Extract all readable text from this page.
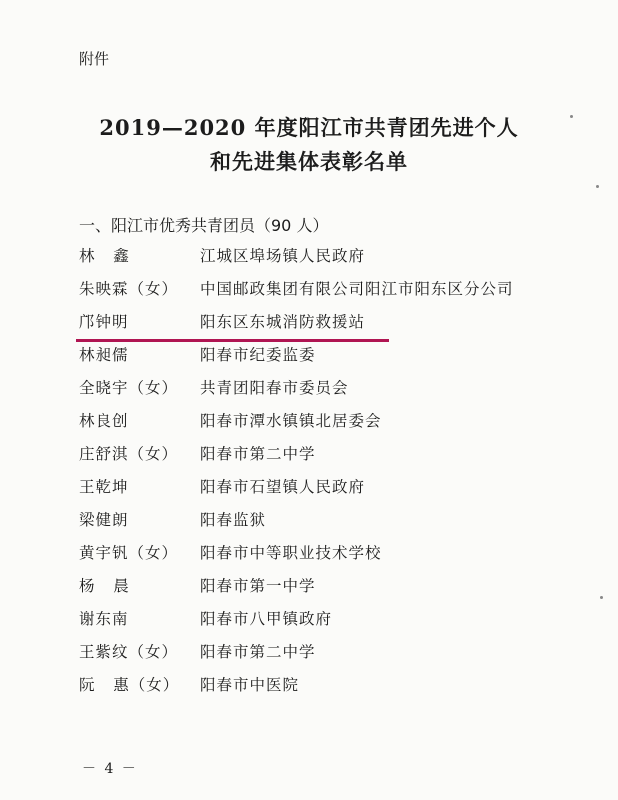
附件
2019—2020 年度阳江市共青团先进个人
和先进集体表彰名单
一、阳江市优秀共青团员（90 人）
林   鑫	江城区埠场镇人民政府
朱映霖（女） 中国邮政集团有限公司阳江市阳东区分公司
邝钟明	阳东区东城消防救援站
林昶儒	阳春市纪委监委
全晓宇（女） 共青团阳春市委员会
林良创	阳春市潭水镇镇北居委会
庄舒淇（女） 阳春市第二中学
王乾坤	阳春市石望镇人民政府
梁健朗	阳春监狱
黄宇钒（女） 阳春市中等职业技术学校
杨   晨	阳春市第一中学
谢东南	阳春市八甲镇政府
王紫纹（女） 阳春市第二中学
阮   惠（女） 阳春市中医院
－ 4 －
